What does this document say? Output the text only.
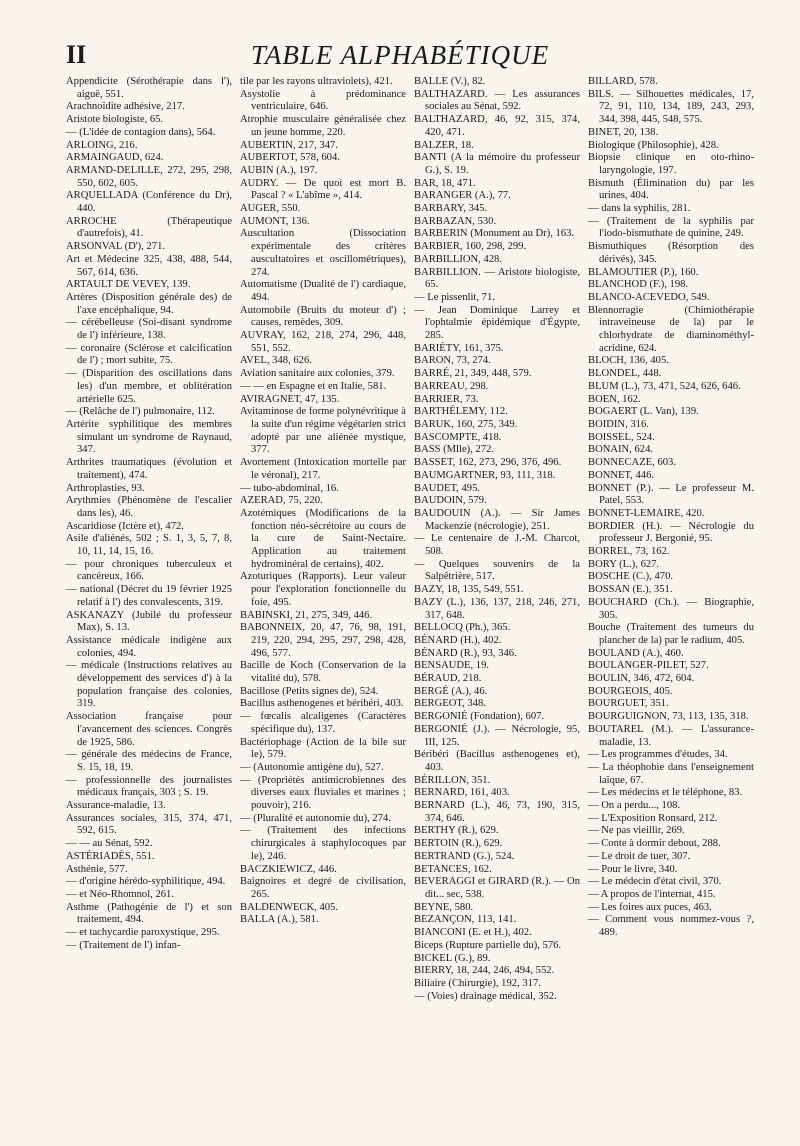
II	TABLE ALPHABÉTIQUE

Appendicite (Sérothérapie dans l'), aiguë, 551.

Arachnoïdite adhésive, 217.

Aristote biologiste, 65.

— (L'idée de contagion dans), 564.

ARLOING, 216.

ARMAINGAUD, 624.

ARMAND-DELILLE, 272, 295, 298, 550, 602, 605.

ARQUELLADA (Conférence du Dr), 440.

ARROCHE (Thérapeutique d'autrefois), 41.

ARSONVAL (D'), 271.

Art et Médecine 325, 438, 488, 544, 567, 614, 636.

ARTAULT DE VEVEY, 139.

Artères (Disposition générale des) de l'axe encéphalique, 94.

— cérébelleuse (Soi-disant syndrome de l') inférieure, 138.

— coronaire (Sclérose et calcification de l') ; mort subite, 75.

— (Disparition des oscillations dans les) d'un membre, et oblitération artérielle 625.

— (Relâche de l') pulmonaire, 112.

Artérite syphilitique des membres simulant un syndrome de Raynaud, 347.

Arthrites traumatiques (évolution et traitement), 474.

Arthroplasties, 93.

Arythmies (Phénomène de l'escalier dans les), 46.

Ascaridiose (Ictère et), 472.

Asile d'aliénés, 502 ; S. 1, 3, 5, 7, 8, 10, 11, 14, 15, 16.

— pour chroniques tuberculeux et cancéreux, 166.

— national (Décret du 19 février 1925 relatif à l') des convalescents, 319.

ASKANAZY (Jubilé du professeur Max), S. 13.

Assistance médicale indigène aux colonies, 494.

— médicale (Instructions relatives au développement des services d') à la population française des colonies, 319.

Association française pour l'avancement des sciences. Congrès de 1925, 586.

— générale des médecins de France, S. 15, 18, 19.

— professionnelle des journalistes médicaux français, 303 ; S. 19.

Assurance-maladie, 13.

Assurances sociales, 315, 374, 471, 592, 615.

— — au Sénat, 592.

ASTÉRIADÈS, 551.

Asthénie, 577.

— d'origine hérédo-syphilitique, 494.

— et Néo-Rhomnol, 261.

Asthme (Pathogénie de l') et son traitement, 494.

— et tachycardie paroxystique, 295.

— (Traitement de l') infan-

tile par les rayons ultraviolets), 421.

Asystolie à prédominance ventriculaire, 646.

Atrophie musculaire généralisée chez un jeune homme, 220.

AUBERTIN, 217, 347.

AUBERTOT, 578, 604.

AUBIN (A.), 197.

AUDRY. — De quoi est mort B. Pascal ? « L'abîme », 414.

AUGER, 550.

AUMONT, 136.

Auscultation (Dissociation expérimentale des critères auscultatoires et oscillométriques), 274.

Automatisme (Dualité de l') cardiaque, 494.

Automobile (Bruits du moteur d') ; causes, remèdes, 309.

AUVRAY, 162, 218, 274, 296, 448, 551, 552.

AVEL, 348, 626.

Aviation sanitaire aux colonies, 379.

— — en Espagne et en Italie, 581.

AVIRAGNET, 47, 135.

Avitaminose de forme polynévritique à la suite d'un régime végétarien strict adopté par une aliénée mystique, 377.

Avortement (Intoxication mortelle par le véronal), 217.

— tubo-abdominal, 16.

AZERAD, 75, 220.

Azotémiques (Modifications de la fonction néo-sécrétoire au cours de la cure de Saint-Nectaire. Application au traitement hydrominéral de certains), 402.

Azoturiques (Rapports). Leur valeur pour l'exploration fonctionnelle du foie, 495.

BABINSKI, 21, 275, 349, 446.

BABONNEIX, 20, 47, 76, 98, 191, 219, 220, 294, 295, 297, 298, 428, 496, 577.

Bacille de Koch (Conservation de la vitalité du), 578.

Bacillose (Petits signes de), 524.

Bacillus asthenogenes et béribéri, 403.

— fœcalis alcaligenes (Caractères spécifique du), 137.

Bactériophage (Action de la bile sur le), 579.

— (Autonomie antigène du), 527.

— (Propriétés antimicrobiennes des diverses eaux fluviales et marines ; pouvoir), 216.

— (Pluralité et autonomie du), 274.

— (Traitement des infections chirurgicales à staphylocoques par le), 246.

BACZKIEWICZ, 446.

Baignoires et degré de civilisation, 265.

BALDENWECK, 405.

BALLA (A.), 581.

BALLE (V.), 82.

BALTHAZARD. — Les assurances sociales au Sénat, 592.

BALTHAZARD, 46, 92, 315, 374, 420, 471.

BALZER, 18.

BANTI (A la mémoire du professeur G.), S. 19.

BAR, 18, 471.

BARANGER (A.), 77.

BARBARY, 345.

BARBAZAN, 530.

BARBERIN (Monument au Dr), 163.

BARBIER, 160, 298, 299.

BARBILLION, 428.

BARBILLION. — Aristote biologiste, 65.

— Le pissenlit, 71.

— Jean Dominique Larrey et l'ophtalmie épidémique d'Égypte, 285.

BARIÉTY, 161, 375.

BARON, 73, 274.

BARRÉ, 21, 349, 448, 579.

BARREAU, 298.

BARRIER, 73.

BARTHÉLEMY, 112.

BARUK, 160, 275, 349.

BASCOMPTE, 418.

BASS (Mlle), 272.

BASSET, 162, 273, 296, 376, 496.

BAUMGARTNER, 93, 111, 318.

BAUDET, 495.

BAUDOIN, 579.

BAUDOUIN (A.). — Sir James Mackenzie (nécrologie), 251.

— Le centenaire de J.-M. Charcot, 508.

— Quelques souvenirs de la Salpêtrière, 517.

BAZY, 18, 135, 549, 551.

BAZY (L.), 136, 137, 218, 246, 271, 317, 648.

BELLOCQ (Ph.), 365.

BÉNARD (H.), 402.

BÉNARD (R.), 93, 346.

BENSAUDE, 19.

BÉRAUD, 218.

BERGÉ (A.), 46.

BERGEOT, 348.

BERGONIÉ (Fondation), 607.

BERGONIÉ (J.). — Nécrologie, 95, III, 125.

Béribéri (Bacillus asthenogenes et), 403.

BÉRILLON, 351.

BERNARD, 161, 403.

BERNARD (L.), 46, 73, 190, 315, 374, 646.

BERTHY (R.), 629.

BERTOIN (R.), 629.

BERTRAND (G.), 524.

BETANCES, 162.

BEVERAGGI et GIRARD (R.). — On dit... sec, 538.

BEYNE, 580.

BEZANÇON, 113, 141.

BIANCONI (E. et H.), 402.

Biceps (Rupture partielle du), 576.

BICKEL (G.), 89.

BIERRY, 18, 244, 246, 494, 552.

Biliaire (Chirurgie), 192, 317.

— (Voies) drainage médical, 352.

BILLARD, 578.

BILS. — Silhouettes médicales, 17, 72, 91, 110, 134, 189, 243, 293, 344, 398, 445, 548, 575.

BINET, 20, 138.

Biologique (Philosophie), 428.

Biopsie clinique en oto-rhino-laryngologie, 197.

Bismuth (Élimination du) par les urines, 404.

— dans la syphilis, 281.

— (Traitement de la syphilis par l'iodo-bismuthate de quinine, 249.

Bismuthiques (Résorption des dérivés), 345.

BLAMOUTIER (P.), 160.

BLANCHOD (F.), 198.

BLANCO-ACEVEDO, 549.

Blennorragie (Chimiothérapie intraveineuse de la) par le chlorhydrate de diaminométhyl-acridine, 624.

BLOCH, 136, 405.

BLONDEL, 448.

BLUM (L.), 73, 471, 524, 626, 646.

BOEN, 162.

BOGAERT (L. Van), 139.

BOIDIN, 316.

BOISSEL, 524.

BONAIN, 624.

BONNECAZE, 603.

BONNET, 446.

BONNET (P.). — Le professeur M. Patel, 553.

BONNET-LEMAIRE, 420.

BORDIER (H.). — Nécrologie du professeur J. Bergonié, 95.

BORREL, 73, 162.

BORY (L.), 627.

BOSCHE (C.), 470.

BOSSAN (E.), 351.

BOUCHARD (Ch.). — Biographie, 305.

Bouche (Traitement des tumeurs du plancher de la) par le radium, 405.

BOULAND (A.), 460.

BOULANGER-PILET, 527.

BOULIN, 346, 472, 604.

BOURGEOIS, 405.

BOURGUET, 351.

BOURGUIGNON, 73, 113, 135, 318.

BOUTAREL (M.). — L'assurance-maladie, 13.

— Les programmes d'études, 34.

— La théophobie dans l'enseignement laïque, 67.

— Les médecins et le téléphone, 83.

— On a perdu..., 108.

— L'Exposition Ronsard, 212.

— Ne pas vieillir, 269.

— Conte à dormir debout, 288.

— Le droit de tuer, 307.

— Pour le livre, 340.

— Le médecin d'état civil, 370.

— A propos de l'internat, 415.

— Les foires aux puces, 463.

— Comment vous nommez-vous ?, 489.
